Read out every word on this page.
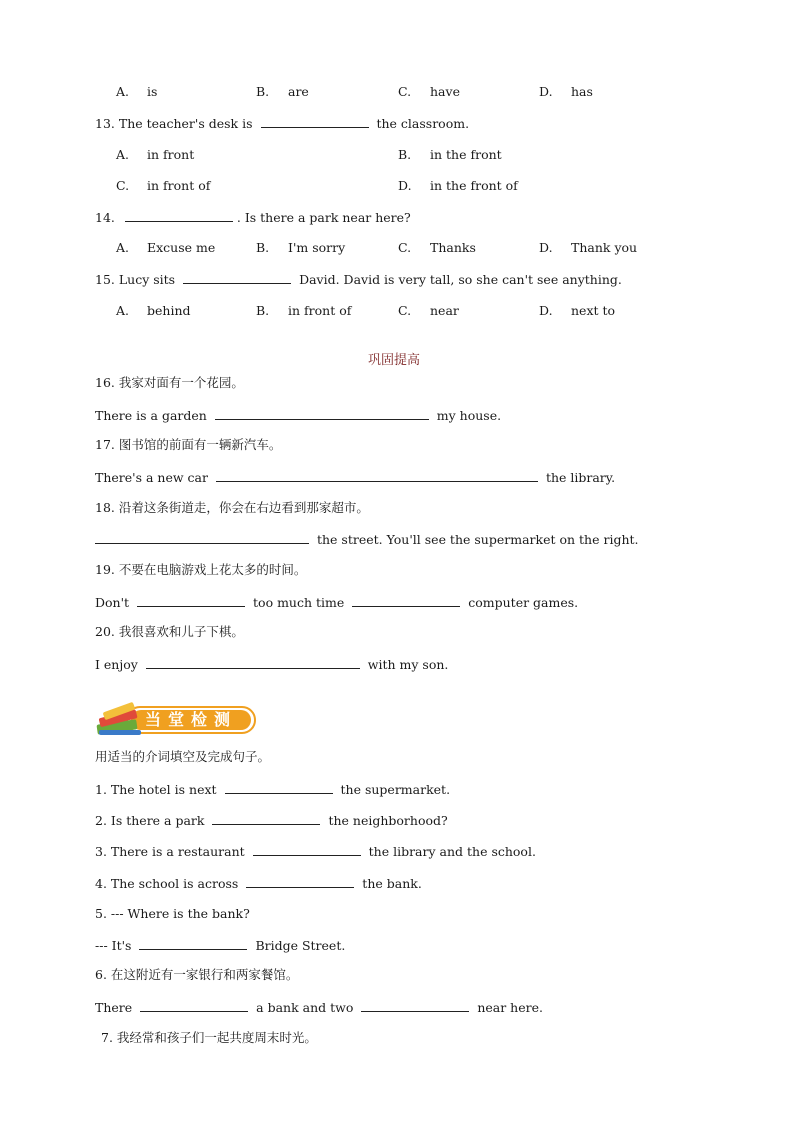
A. is	B. are	C. have	D. has
13. The teacher's desk is	the classroom.
A. in front	B. in the front
C. in front of	D. in the front of
14.	. Is there a park near here?
A. Excuse me	B. I'm sorry	C. Thanks	D. Thank you
15. Lucy sits	David. David is very tall, so she can't see anything.
A. behind	B. in front of	C. near	D. next to
巩固提高
16. 我家对面有一个花园。
There is a garden	my house.
17. 图书馆的前面有一辆新汽车。
There's a new car	the library.
18. 沿着这条街道走，你会在右边看到那家超市。
the street. You'll see the supermarket on the right.
19. 不要在电脑游戏上花太多的时间。
Don't	too much time	computer games.
20. 我很喜欢和儿子下棋。
I enjoy	with my son.
当堂检测
用适当的介词填空及完成句子。
1. The hotel is next	the supermarket.
2. Is there a park	the neighborhood?
3. There is a restaurant	the library and the school.
4. The school is across	the bank.
5. --- Where is the bank?
--- It's	Bridge Street.
6. 在这附近有一家银行和两家餐馆。
There	a bank and two	near here.
7. 我经常和孩子们一起共度周末时光。
